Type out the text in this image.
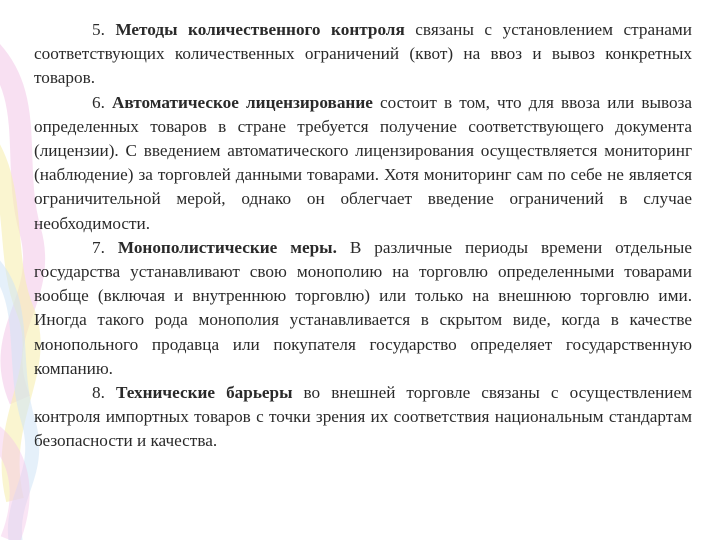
5. Методы количественного контроля связаны с установлением странами соответствующих количественных ограничений (квот) на ввоз и вывоз конкретных товаров.

6. Автоматическое лицензирование состоит в том, что для ввоза или вывоза определенных товаров в стране требуется получение соответствующего документа (лицензии). С введением автоматического лицензирования осуществляется мониторинг (наблюдение) за торговлей данными товарами. Хотя мониторинг сам по себе не является ограничительной мерой, однако он облегчает введение ограничений в случае необходимости.

7. Монополистические меры. В различные периоды времени отдельные государства устанавливают свою монополию на торговлю определенными товарами вообще (включая и внутреннюю торговлю) или только на внешнюю торговлю ими. Иногда такого рода монополия устанавливается в скрытом виде, когда в качестве монопольного продавца или покупателя государство определяет государственную компанию.

8. Технические барьеры во внешней торговле связаны с осуществлением контроля импортных товаров с точки зрения их соответствия национальным стандартам безопасности и качества.
